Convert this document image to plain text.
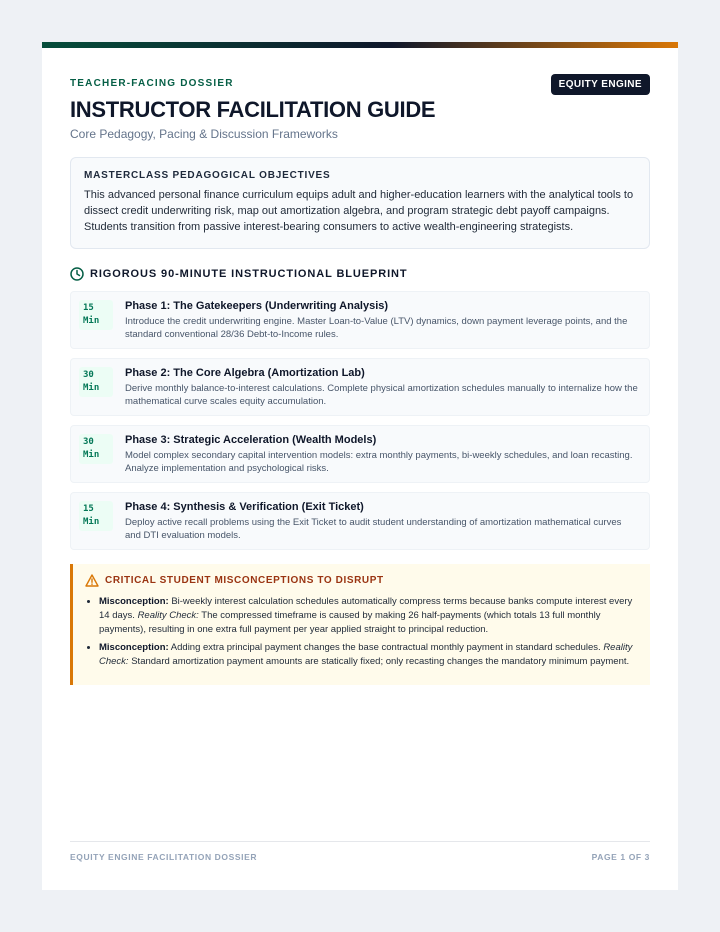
TEACHER-FACING DOSSIER	EQUITY ENGINE
INSTRUCTOR FACILITATION GUIDE
Core Pedagogy, Pacing & Discussion Frameworks
MASTERCLASS PEDAGOGICAL OBJECTIVES
This advanced personal finance curriculum equips adult and higher-education learners with the analytical tools to dissect credit underwriting risk, map out amortization algebra, and program strategic debt payoff campaigns. Students transition from passive interest-bearing consumers to active wealth-engineering strategists.
RIGOROUS 90-MINUTE INSTRUCTIONAL BLUEPRINT
15
Min
Phase 1: The Gatekeepers (Underwriting Analysis)
Introduce the credit underwriting engine. Master Loan-to-Value (LTV) dynamics, down payment leverage points, and the standard conventional 28/36 Debt-to-Income rules.
30
Min
Phase 2: The Core Algebra (Amortization Lab)
Derive monthly balance-to-interest calculations. Complete physical amortization schedules manually to internalize how the mathematical curve scales equity accumulation.
30
Min
Phase 3: Strategic Acceleration (Wealth Models)
Model complex secondary capital intervention models: extra monthly payments, bi-weekly schedules, and loan recasting. Analyze implementation and psychological risks.
15
Min
Phase 4: Synthesis & Verification (Exit Ticket)
Deploy active recall problems using the Exit Ticket to audit student understanding of amortization mathematical curves and DTI evaluation models.
CRITICAL STUDENT MISCONCEPTIONS TO DISRUPT
• Misconception: Bi-weekly interest calculation schedules automatically compress terms because banks compute interest every 14 days. Reality Check: The compressed timeframe is caused by making 26 half-payments (which totals 13 full monthly payments), resulting in one extra full payment per year applied straight to principal reduction.
• Misconception: Adding extra principal payment changes the base contractual monthly payment in standard schedules. Reality Check: Standard amortization payment amounts are statically fixed; only recasting changes the mandatory minimum payment.
EQUITY ENGINE FACILITATION DOSSIER	PAGE 1 OF 3
